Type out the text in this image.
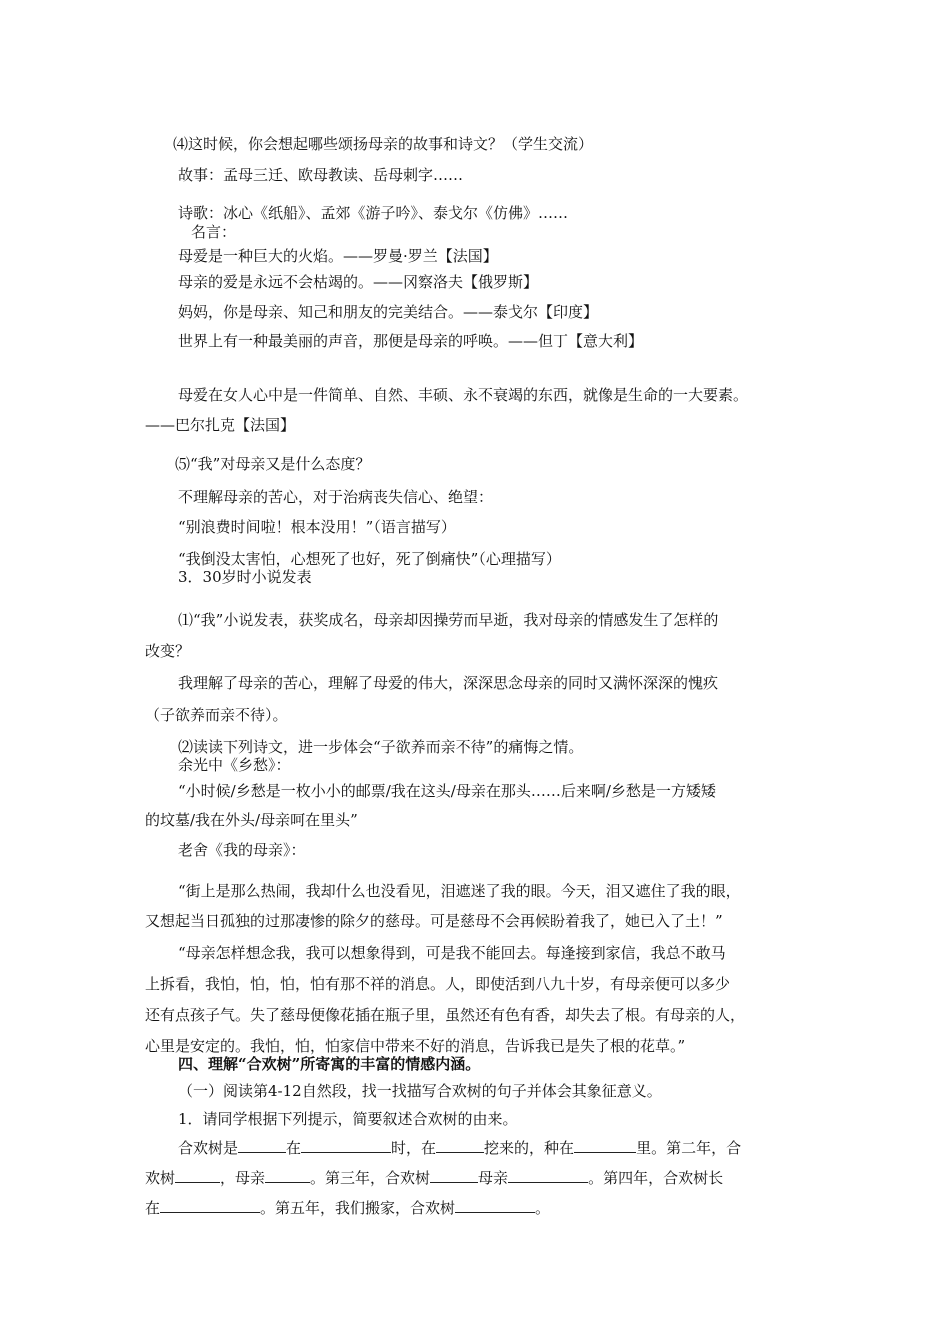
⑷这时候，你会想起哪些颂扬母亲的故事和诗文？（学生交流）
故事：孟母三迁、欧母教读、岳母刺字……
诗歌：冰心《纸船》、孟郊《游子吟》、泰戈尔《仿佛》……
名言：
母爱是一种巨大的火焰。——罗曼·罗兰【法国】
母亲的爱是永远不会枯竭的。——冈察洛夫【俄罗斯】
妈妈，你是母亲、知己和朋友的完美结合。——泰戈尔【印度】
世界上有一种最美丽的声音，那便是母亲的呼唤。——但丁【意大利】
母爱在女人心中是一件简单、自然、丰硕、永不衰竭的东西，就像是生命的一大要素。
——巴尔扎克【法国】
⑸“我”对母亲又是什么态度？
不理解母亲的苦心，对于治病丧失信心、绝望：
“别浪费时间啦！根本没用！”（语言描写）
“我倒没太害怕，心想死了也好，死了倒痛快”（心理描写）
3．30岁时小说发表
⑴“我”小说发表，获奖成名，母亲却因操劳而早逝，我对母亲的情感发生了怎样的
改变？
我理解了母亲的苦心，理解了母爱的伟大，深深思念母亲的同时又满怀深深的愧疚
（子欲养而亲不待）。
⑵读读下列诗文，进一步体会“子欲养而亲不待”的痛悔之情。
余光中《乡愁》：
“小时候/乡愁是一枚小小的邮票/我在这头/母亲在那头……后来啊/乡愁是一方矮矮
的坟墓/我在外头/母亲呵在里头”
老舍《我的母亲》：
“街上是那么热闹，我却什么也没看见，泪遮迷了我的眼。今天，泪又遮住了我的眼，
又想起当日孤独的过那凄惨的除夕的慈母。可是慈母不会再候盼着我了，她已入了土！”
“母亲怎样想念我，我可以想象得到，可是我不能回去。每逢接到家信，我总不敢马
上拆看，我怕，怕，怕，怕有那不祥的消息。人，即使活到八九十岁，有母亲便可以多少
还有点孩子气。失了慈母便像花插在瓶子里，虽然还有色有香，却失去了根。有母亲的人，
心里是安定的。我怕，怕，怕家信中带来不好的消息，告诉我已是失了根的花草。”
四、理解“合欢树”所寄寓的丰富的情感内涵。
（一）阅读第4-12自然段，找一找描写合欢树的句子并体会其象征意义。
1．请同学根据下列提示，简要叙述合欢树的由来。
合欢树是	在	时，在	挖来的，种在	里。第二年，合
欢树	，母亲	。第三年，合欢树	母亲	。第四年，合欢树长
在	。第五年，我们搬家，合欢树	。
